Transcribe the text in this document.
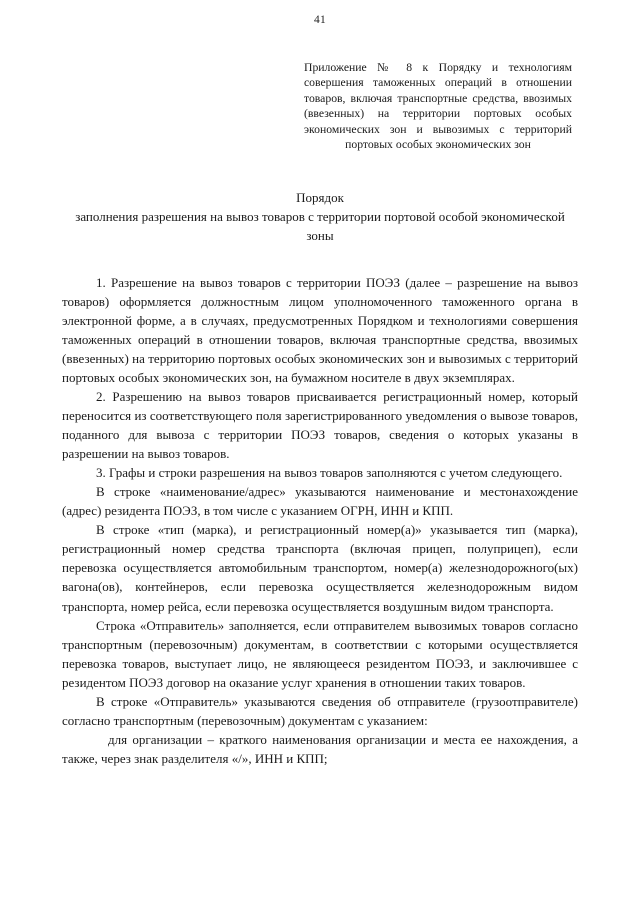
41

Приложение № 8 к Порядку и технологиям совершения таможенных операций в отношении товаров, включая транспортные средства, ввозимых (ввезенных) на территории портовых особых экономических зон и вывозимых с территорий портовых особых экономических зон

Порядок
заполнения разрешения на вывоз товаров с территории портовой особой экономической зоны

1. Разрешение на вывоз товаров с территории ПОЭЗ (далее – разрешение на вывоз товаров) оформляется должностным лицом уполномоченного таможенного органа в электронной форме, а в случаях, предусмотренных Порядком и технологиями совершения таможенных операций в отношении товаров, включая транспортные средства, ввозимых (ввезенных) на территорию портовых особых экономических зон и вывозимых с территорий портовых особых экономических зон, на бумажном носителе в двух экземплярах.

2. Разрешению на вывоз товаров присваивается регистрационный номер, который переносится из соответствующего поля зарегистрированного уведомления о вывозе товаров, поданного для вывоза с территории ПОЭЗ товаров, сведения о которых указаны в разрешении на вывоз товаров.

3. Графы и строки разрешения на вывоз товаров заполняются с учетом следующего.

В строке «наименование/адрес» указываются наименование и местонахождение (адрес) резидента ПОЭЗ, в том числе с указанием ОГРН, ИНН и КПП.

В строке «тип (марка), и регистрационный номер(а)» указывается тип (марка), регистрационный номер средства транспорта (включая прицеп, полуприцеп), если перевозка осуществляется автомобильным транспортом, номер(а) железнодорожного(ых) вагона(ов), контейнеров, если перевозка осуществляется железнодорожным видом транспорта, номер рейса, если перевозка осуществляется воздушным видом транспорта.

Строка «Отправитель» заполняется, если отправителем вывозимых товаров согласно транспортным (перевозочным) документам, в соответствии с которыми осуществляется перевозка товаров, выступает лицо, не являющееся резидентом ПОЭЗ, и заключившее с резидентом ПОЭЗ договор на оказание услуг хранения в отношении таких товаров.

В строке «Отправитель» указываются сведения об отправителе (грузоотправителе) согласно транспортным (перевозочным) документам с указанием:

для организации – краткого наименования организации и места ее нахождения, а также, через знак разделителя «/», ИНН и КПП;
